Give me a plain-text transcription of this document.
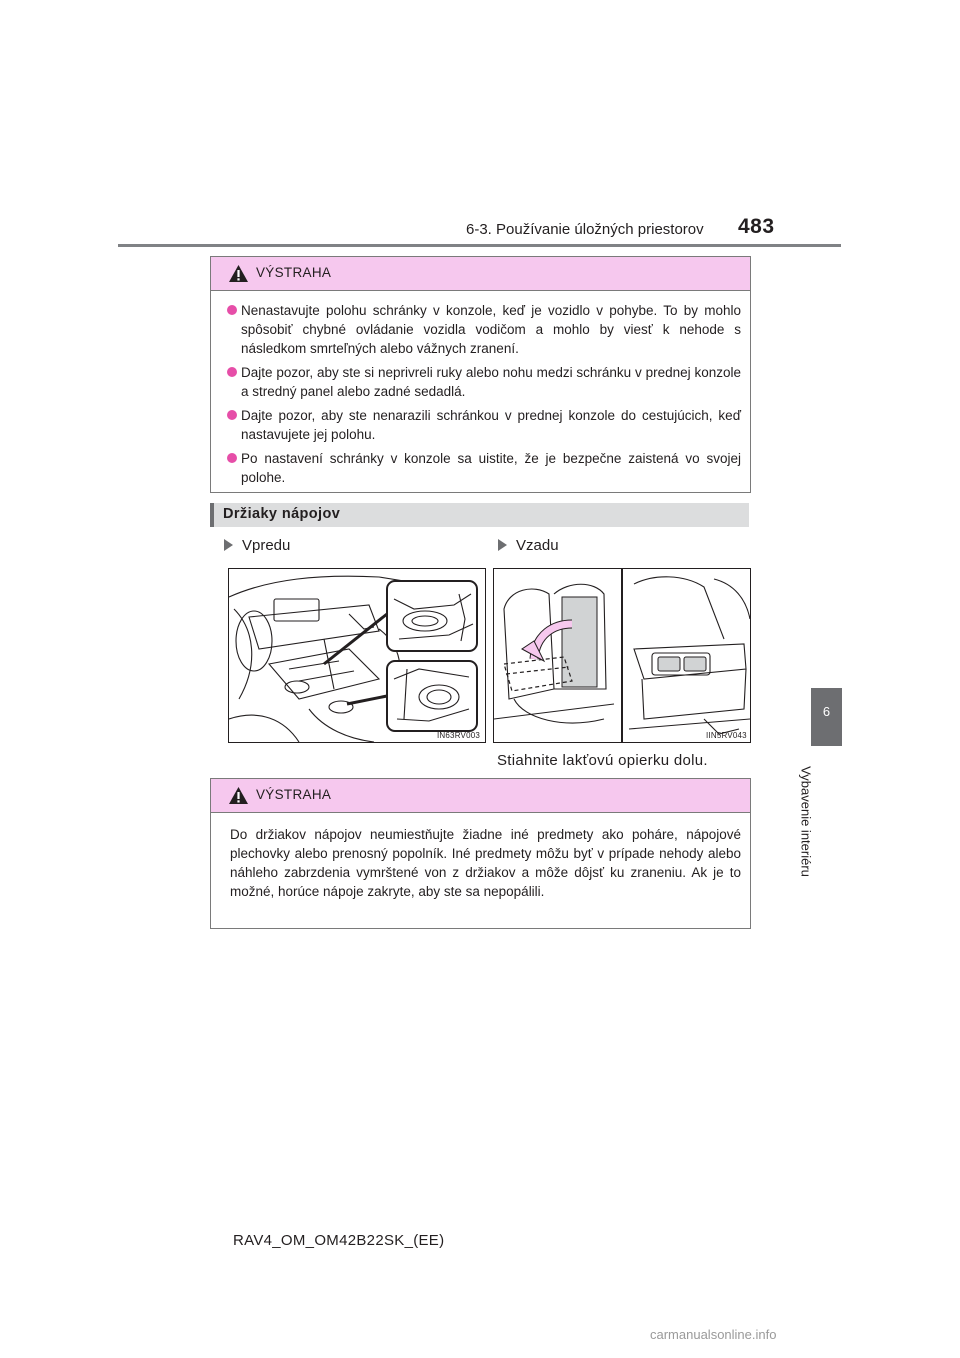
6-3. Používanie úložných priestorov 483
6
Vybavenie interiéru
VÝSTRAHA
Nenastavujte polohu schránky v konzole, keď je vozidlo v pohybe. To by mohlo spôsobiť chybné ovládanie vozidla vodičom a mohlo by viesť k nehode s následkom smrteľných alebo vážnych zranení.
Dajte pozor, aby ste si neprivreli ruky alebo nohu medzi schránku v prednej konzole a stredný panel alebo zadné sedadlá.
Dajte pozor, aby ste nenarazili schránkou v prednej konzole do cestujúcich, keď nastavujete jej polohu.
Po nastavení schránky v konzole sa uistite, že je bezpečne zaistená vo svojej polohe.
Držiaky nápojov
Vpredu	Vzadu
IN63RV003	IIN5RV043
Stiahnite lakťovú opierku dolu.
VÝSTRAHA
Do držiakov nápojov neumiestňujte žiadne iné predmety ako poháre, nápojové plechovky alebo prenosný popolník. Iné predmety môžu byť v prípade nehody alebo náhleho zabrzdenia vymrštené von z držiakov a môže dôjsť ku zraneniu. Ak je to možné, horúce nápoje zakryte, aby ste sa nepopálili.
RAV4_OM_OM42B22SK_(EE)
carmanualsonline.info
